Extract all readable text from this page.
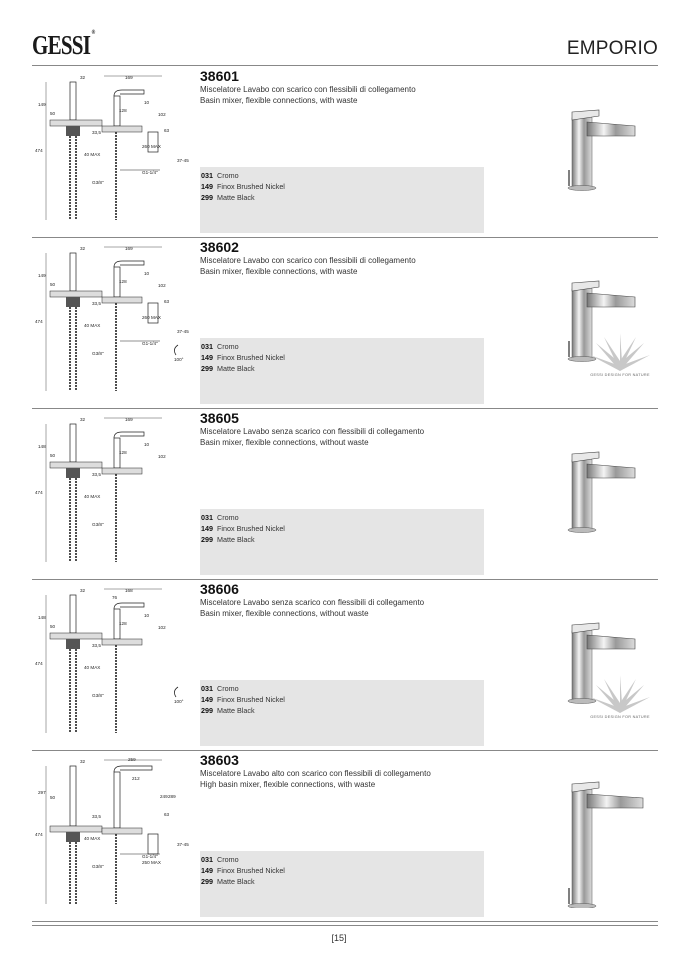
GESSI ®
EMPORIO
32	169
149	10
102
128
50
33,5	63
474
40 MAX
260 MAX
37-45
G1-1/4"
G3/8"
38601
Miscelatore Lavabo con scarico con flessibili di collegamento
Basin mixer, flexible connections, with waste
031 Cromo
149 Finox Brushed Nickel
299 Matte Black
32	169
149	10
102
128
50
33,5	63
474
40 MAX
260 MAX
37-45
G1-1/4"
G3/8"
100°
38602
Miscelatore Lavabo con scarico con flessibili di collegamento
Basin mixer, flexible connections, with waste
031 Cromo
149 Finox Brushed Nickel
299 Matte Black
GESSI DESIGN FOR NATURE
32	169
148	10
102
128
50
33,5
474
40 MAX
G3/8"
38605
Miscelatore Lavabo senza scarico con flessibili di collegamento
Basin mixer, flexible connections, without waste
031 Cromo
149 Finox Brushed Nickel
299 Matte Black
32	168
76
148	10
102
128
50
33,5
474
40 MAX
G3/8"
100°
38606
Miscelatore Lavabo senza scarico con flessibili di collegamento
Basin mixer, flexible connections, without waste
031 Cromo
149 Finox Brushed Nickel
299 Matte Black
GESSI DESIGN FOR NATURE
32	259
212
297
249 289
50
33,5	63
474
40 MAX
250 MAX
37-45
G1-1/4"
G3/8"
38603
Miscelatore Lavabo alto con scarico con flessibili di collegamento
High basin mixer, flexible connections, with waste
031 Cromo
149 Finox Brushed Nickel
299 Matte Black
[15]
